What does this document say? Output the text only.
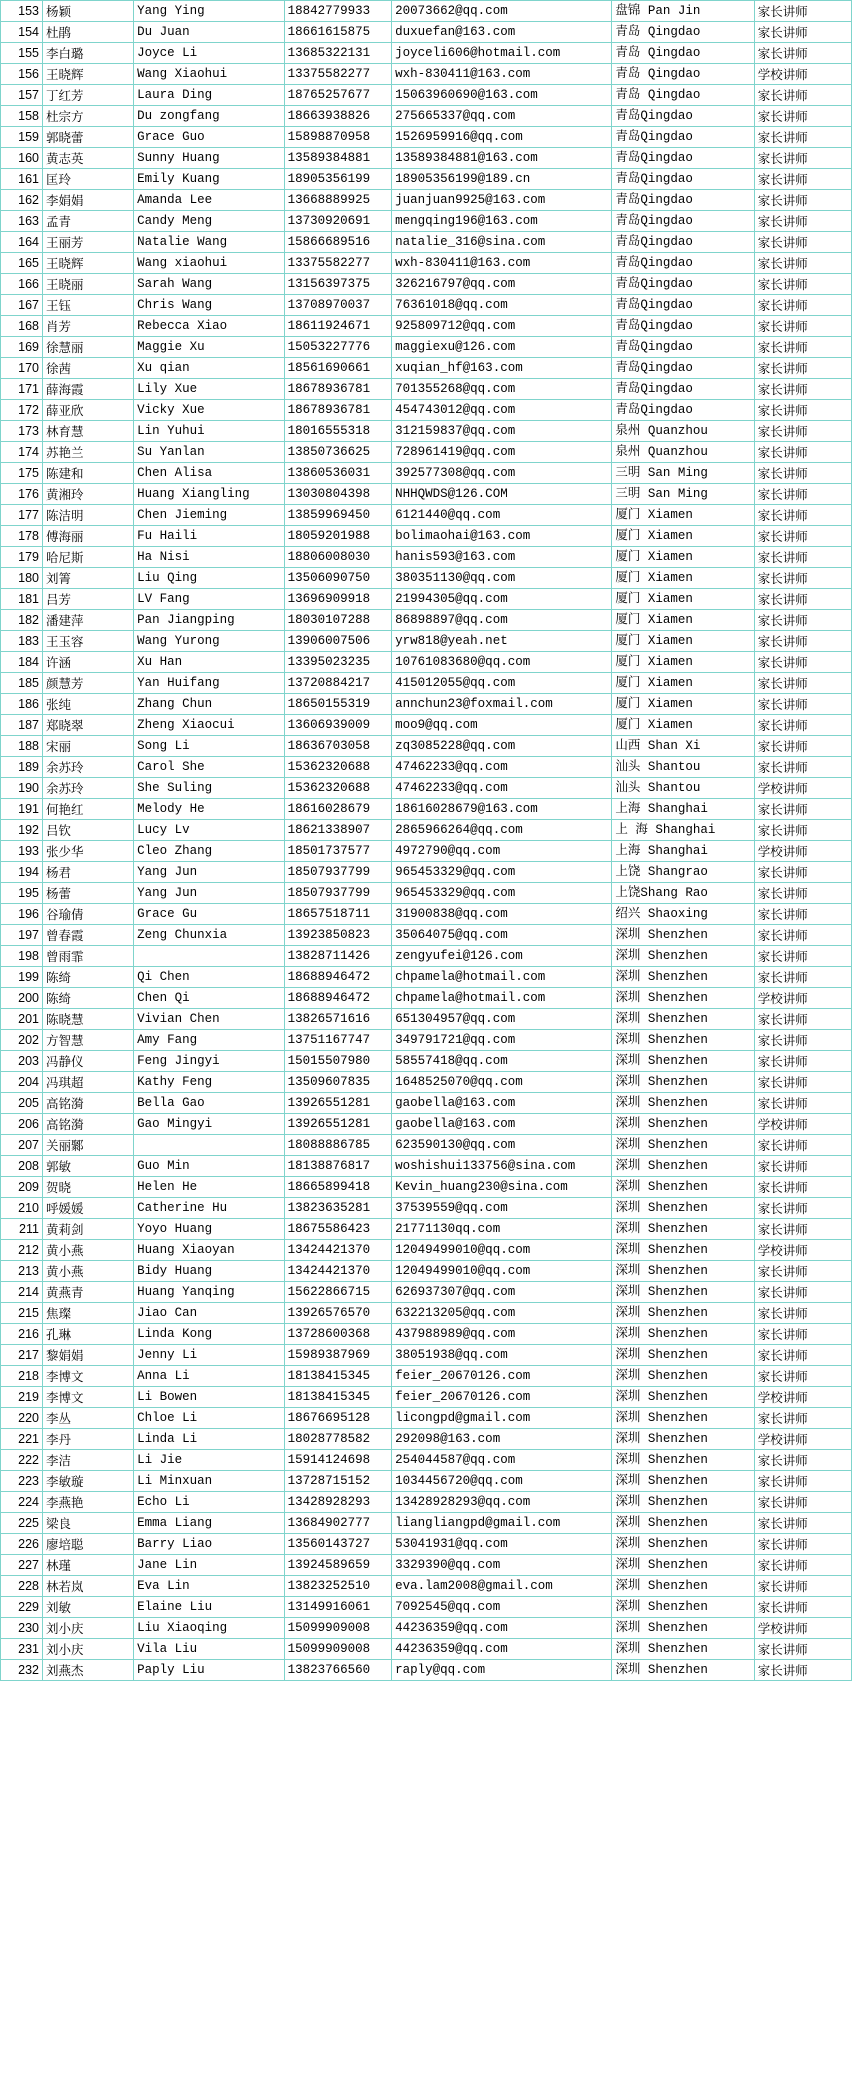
153	杨颖	Yang Ying	18842779933	20073662@qq.com	盘锦 Pan Jin	家长讲师
154	杜鹃	Du Juan	18661615875	duxuefan@163.com	青岛 Qingdao	家长讲师
155	李白璐	Joyce Li	13685322131	joyceli606@hotmail.com	青岛 Qingdao	家长讲师
156	王晓辉	Wang Xiaohui	13375582277	wxh-830411@163.com	青岛 Qingdao	学校讲师
157	丁红芳	Laura Ding	18765257677	15063960690@163.com	青岛 Qingdao	家长讲师
158	杜宗方	Du zongfang	18663938826	275665337@qq.com	青岛Qingdao	家长讲师
159	郭晓蕾	Grace Guo	15898870958	1526959916@qq.com	青岛Qingdao	家长讲师
160	黄志英	Sunny Huang	13589384881	13589384881@163.com	青岛Qingdao	家长讲师
161	匡玲	Emily Kuang	18905356199	18905356199@189.cn	青岛Qingdao	家长讲师
162	李娟娟	Amanda Lee	13668889925	juanjuan9925@163.com	青岛Qingdao	家长讲师
163	孟青	Candy Meng	13730920691	mengqing196@163.com	青岛Qingdao	家长讲师
164	王丽芳	Natalie Wang	15866689516	natalie_316@sina.com	青岛Qingdao	家长讲师
165	王晓辉	Wang xiaohui	13375582277	wxh-830411@163.com	青岛Qingdao	家长讲师
166	王晓丽	Sarah Wang	13156397375	326216797@qq.com	青岛Qingdao	家长讲师
167	王钰	Chris Wang	13708970037	76361018@qq.com	青岛Qingdao	家长讲师
168	肖芳	Rebecca Xiao	18611924671	925809712@qq.com	青岛Qingdao	家长讲师
169	徐慧丽	Maggie Xu	15053227776	maggiexu@126.com	青岛Qingdao	家长讲师
170	徐茜	Xu qian	18561690661	xuqian_hf@163.com	青岛Qingdao	家长讲师
171	薛海霞	Lily Xue	18678936781	701355268@qq.com	青岛Qingdao	家长讲师
172	薛亚欣	Vicky Xue	18678936781	454743012@qq.com	青岛Qingdao	家长讲师
173	林育慧	Lin Yuhui	18016555318	312159837@qq.com	泉州 Quanzhou	家长讲师
174	苏艳兰	Su Yanlan	13850736625	728961419@qq.com	泉州 Quanzhou	家长讲师
175	陈建和	Chen Alisa	13860536031	392577308@qq.com	三明 San Ming	家长讲师
176	黄湘玲	Huang Xiangling	13030804398	NHHQWDS@126.COM	三明 San Ming	家长讲师
177	陈洁明	Chen Jieming	13859969450	6121440@qq.com	厦门 Xiamen	家长讲师
178	傅海丽	Fu Haili	18059201988	bolimaohai@163.com	厦门 Xiamen	家长讲师
179	哈尼斯	Ha Nisi	18806008030	hanis593@163.com	厦门 Xiamen	家长讲师
180	刘箐	Liu Qing	13506090750	380351130@qq.com	厦门 Xiamen	家长讲师
181	吕芳	LV Fang	13696909918	21994305@qq.com	厦门 Xiamen	家长讲师
182	潘建萍	Pan Jiangping	18030107288	86898897@qq.com	厦门 Xiamen	家长讲师
183	王玉容	Wang Yurong	13906007506	yrw818@yeah.net	厦门 Xiamen	家长讲师
184	许涵	Xu Han	13395023235	10761083680@qq.com	厦门 Xiamen	家长讲师
185	颜慧芳	Yan Huifang	13720884217	415012055@qq.com	厦门 Xiamen	家长讲师
186	张纯	Zhang Chun	18650155319	annchun23@foxmail.com	厦门 Xiamen	家长讲师
187	郑晓翠	Zheng Xiaocui	13606939009	moo9@qq.com	厦门 Xiamen	家长讲师
188	宋丽	Song Li	18636703058	zq3085228@qq.com	山西 Shan Xi	家长讲师
189	余苏玲	Carol She	15362320688	47462233@qq.com	汕头 Shantou	家长讲师
190	余苏玲	She Suling	15362320688	47462233@qq.com	汕头 Shantou	学校讲师
191	何艳红	Melody He	18616028679	18616028679@163.com	上海 Shanghai	家长讲师
192	吕钦	Lucy Lv	18621338907	2865966264@qq.com	上 海 Shanghai	家长讲师
193	张少华	Cleo Zhang	18501737577	4972790@qq.com	上海 Shanghai	学校讲师
194	杨君	Yang Jun	18507937799	965453329@qq.com	上饶 Shangrao	家长讲师
195	杨蕾	Yang Jun	18507937799	965453329@qq.com	上饶Shang Rao	家长讲师
196	谷瑜倩	Grace Gu	18657518711	31900838@qq.com	绍兴 Shaoxing	家长讲师
197	曾春霞	Zeng Chunxia	13923850823	35064075@qq.com	深圳 Shenzhen	家长讲师
198	曾雨霏		13828711426	zengyufei@126.com	深圳 Shenzhen	家长讲师
199	陈绮	Qi Chen	18688946472	chpamela@hotmail.com	深圳 Shenzhen	家长讲师
200	陈绮	Chen Qi	18688946472	chpamela@hotmail.com	深圳 Shenzhen	学校讲师
201	陈晓慧	Vivian Chen	13826571616	651304957@qq.com	深圳 Shenzhen	家长讲师
202	方智慧	Amy Fang	13751167747	349791721@qq.com	深圳 Shenzhen	家长讲师
203	冯静仪	Feng Jingyi	15015507980	58557418@qq.com	深圳 Shenzhen	家长讲师
204	冯琪超	Kathy Feng	13509607835	1648525070@qq.com	深圳 Shenzhen	家长讲师
205	高铭漪	Bella Gao	13926551281	gaobella@163.com	深圳 Shenzhen	家长讲师
206	高铭漪	Gao Mingyi	13926551281	gaobella@163.com	深圳 Shenzhen	学校讲师
207	关丽鄹		18088886785	623590130@qq.com	深圳 Shenzhen	家长讲师
208	郭敏	Guo Min	18138876817	woshishui133756@sina.com	深圳 Shenzhen	家长讲师
209	贺晓	Helen He	18665899418	Kevin_huang230@sina.com	深圳 Shenzhen	家长讲师
210	呼媛媛	Catherine Hu	13823635281	37539559@qq.com	深圳 Shenzhen	家长讲师
211	黄莉剑	Yoyo Huang	18675586423	21771130qq.com	深圳 Shenzhen	家长讲师
212	黄小燕	Huang Xiaoyan	13424421370	12049499010@qq.com	深圳 Shenzhen	学校讲师
213	黄小燕	Bidy Huang	13424421370	12049499010@qq.com	深圳 Shenzhen	家长讲师
214	黄燕青	Huang Yanqing	15622866715	626937307@qq.com	深圳 Shenzhen	家长讲师
215	焦璨	Jiao Can	13926576570	632213205@qq.com	深圳 Shenzhen	家长讲师
216	孔琳	Linda Kong	13728600368	437988989@qq.com	深圳 Shenzhen	家长讲师
217	黎娟娟	Jenny Li	15989387969	38051938@qq.com	深圳 Shenzhen	家长讲师
218	李博文	Anna Li	18138415345	feier_20670126.com	深圳 Shenzhen	家长讲师
219	李博文	Li Bowen	18138415345	feier_20670126.com	深圳 Shenzhen	学校讲师
220	李丛	Chloe Li	18676695128	licongpd@gmail.com	深圳 Shenzhen	家长讲师
221	李丹	Linda Li	18028778582	292098@163.com	深圳 Shenzhen	学校讲师
222	李洁	Li Jie	15914124698	254044587@qq.com	深圳 Shenzhen	家长讲师
223	李敏璇	Li Minxuan	13728715152	1034456720@qq.com	深圳 Shenzhen	家长讲师
224	李燕艳	Echo Li	13428928293	13428928293@qq.com	深圳 Shenzhen	家长讲师
225	梁良	Emma Liang	13684902777	liangliangpd@gmail.com	深圳 Shenzhen	家长讲师
226	廖培聪	Barry Liao	13560143727	53041931@qq.com	深圳 Shenzhen	家长讲师
227	林瑾	Jane Lin	13924589659	3329390@qq.com	深圳 Shenzhen	家长讲师
228	林若岚	Eva Lin	13823252510	eva.lam2008@gmail.com	深圳 Shenzhen	家长讲师
229	刘敏	Elaine Liu	13149916061	7092545@qq.com	深圳 Shenzhen	家长讲师
230	刘小庆	Liu Xiaoqing	15099909008	44236359@qq.com	深圳 Shenzhen	学校讲师
231	刘小庆	Vila Liu	15099909008	44236359@qq.com	深圳 Shenzhen	家长讲师
232	刘燕杰	Paply Liu	13823766560	raply@qq.com	深圳 Shenzhen	家长讲师
